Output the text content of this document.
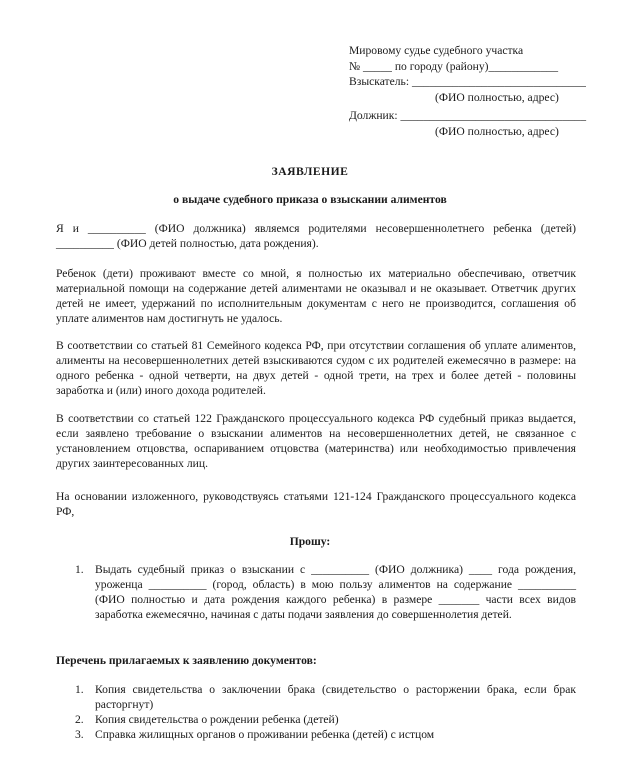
Мировому судье судебного участка
№ _____ по городу (району)____________
Взыскатель: ______________________________
(ФИО полностью, адрес)
Должник: ________________________________
(ФИО полностью, адрес)
ЗАЯВЛЕНИЕ
о выдаче судебного приказа о взыскании алиментов
Я и __________ (ФИО должника) являемся родителями несовершеннолетнего ребенка (детей) __________ (ФИО детей полностью, дата рождения).
Ребенок (дети) проживают вместе со мной, я полностью их материально обеспечиваю, ответчик материальной помощи на содержание детей алиментами не оказывал и не оказывает. Ответчик других детей не имеет, удержаний по исполнительным документам с него не производится, соглашения об уплате алиментов нам достигнуть не удалось.
В соответствии со статьей 81 Семейного кодекса РФ, при отсутствии соглашения об уплате алиментов, алименты на несовершеннолетних детей взыскиваются судом с их родителей ежемесячно в размере: на одного ребенка - одной четверти, на двух детей - одной трети, на трех и более детей - половины заработка и (или) иного дохода родителей.
В соответствии со статьей 122 Гражданского процессуального кодекса РФ судебный приказ выдается, если заявлено требование о взыскании алиментов на несовершеннолетних детей, не связанное с установлением отцовства, оспариванием отцовства (материнства) или необходимостью привлечения других заинтересованных лиц.
На основании изложенного, руководствуясь статьями 121-124 Гражданского процессуального кодекса РФ,
Прошу:
1. Выдать судебный приказ о взыскании с __________ (ФИО должника) ____ года рождения, уроженца __________ (город, область) в мою пользу алиментов на содержание __________ (ФИО полностью и дата рождения каждого ребенка) в размере _______ части всех видов заработка ежемесячно, начиная с даты подачи заявления до совершеннолетия детей.
Перечень прилагаемых к заявлению документов:
1. Копия свидетельства о заключении брака (свидетельство о расторжении брака, если брак расторгнут)
2. Копия свидетельства о рождении ребенка (детей)
3. Справка жилищных органов о проживании ребенка (детей) с истцом
